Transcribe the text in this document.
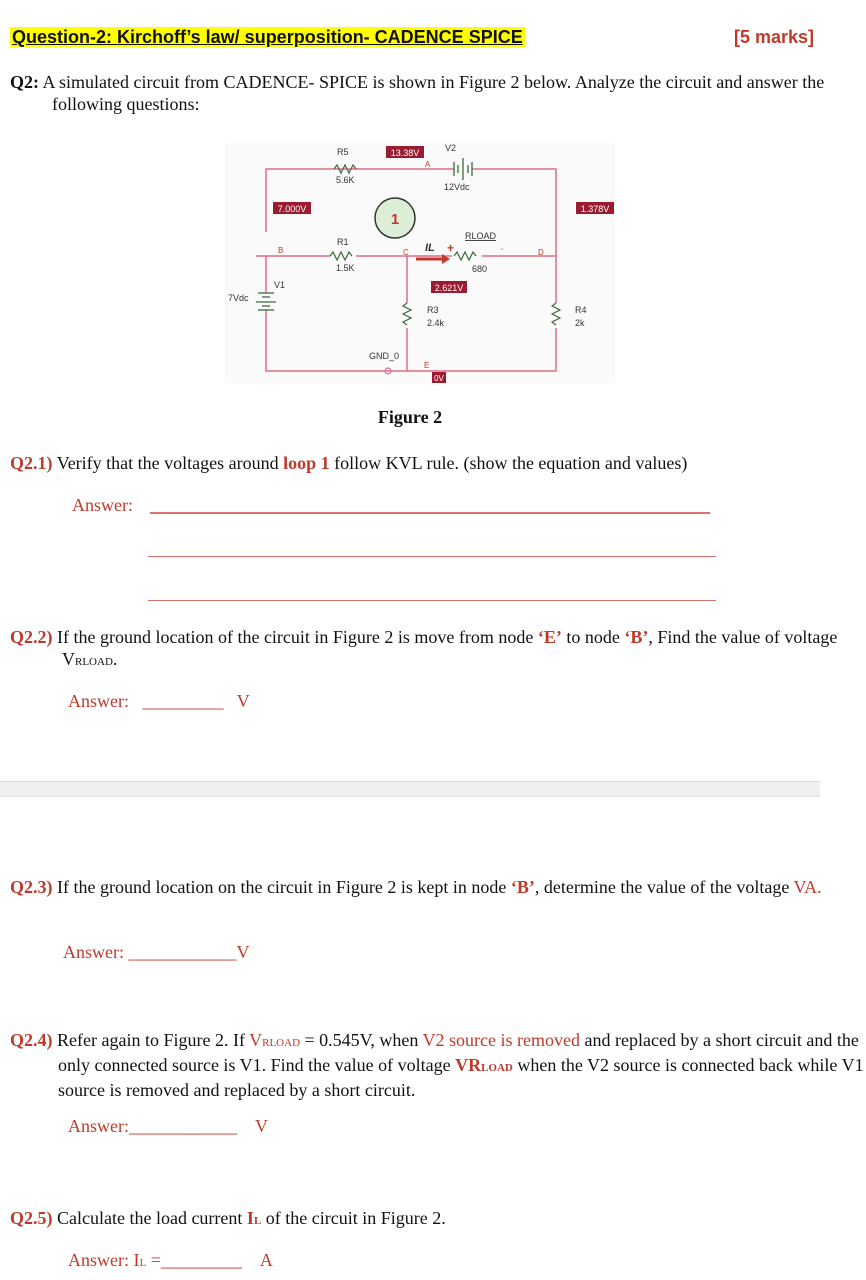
Question-2: Kirchoff’s law/ superposition- CADENCE SPICE	[5 marks]
Q2: A simulated circuit from CADENCE- SPICE is shown in Figure 2 below. Analyze the circuit and answer the following questions:
1
13.38V
7.000V	1.378V
2.621V
0V
R5
5.6K
V2
12Vdc
R1
1.5K
RLOAD
680
V1
7Vdc
R3
2.4k
R4
2k
GND_0
A
B	C	D
E
IL +	-
Figure 2
Q2.1) Verify that the voltages around loop 1 follow KVL rule. (show the equation and values)
Answer:
Q2.2) If the ground location of the circuit in Figure 2 is move from node ‘E’ to node ‘B’, Find the value of voltage VRLOAD.
Answer: _________ V
Q2.3) If the ground location on the circuit in Figure 2 is kept in node ‘B’, determine the value of the voltage VA.
Answer: ____________V
Q2.4) Refer again to Figure 2. If VRLOAD = 0.545V, when V2 source is removed and replaced by a short circuit and the only connected source is V1. Find the value of voltage VRLOAD when the V2 source is connected back while V1 source is removed and replaced by a short circuit.
Answer:____________ V
Q2.5) Calculate the load current IL of the circuit in Figure 2.
Answer: IL =_________ A
